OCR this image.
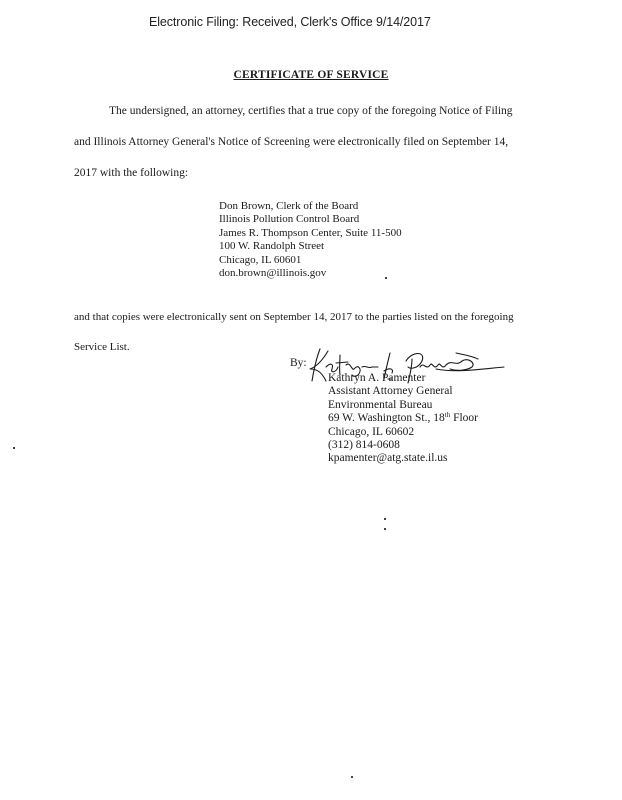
Electronic Filing: Received, Clerk's Office 9/14/2017
CERTIFICATE OF SERVICE
The undersigned, an attorney, certifies that a true copy of the foregoing Notice of Filing
and Illinois Attorney General's Notice of Screening were electronically filed on September 14,
2017 with the following:
Don Brown, Clerk of the Board
Illinois Pollution Control Board
James R. Thompson Center, Suite 11-500
100 W. Randolph Street
Chicago, IL 60601
don.brown@illinois.gov
and that copies were electronically sent on September 14, 2017 to the parties listed on the foregoing
Service List.
By:
Kathryn A. Pamenter
Assistant Attorney General
Environmental Bureau
69 W. Washington St., 18th Floor
Chicago, IL 60602
(312) 814-0608
kpamenter@atg.state.il.us
